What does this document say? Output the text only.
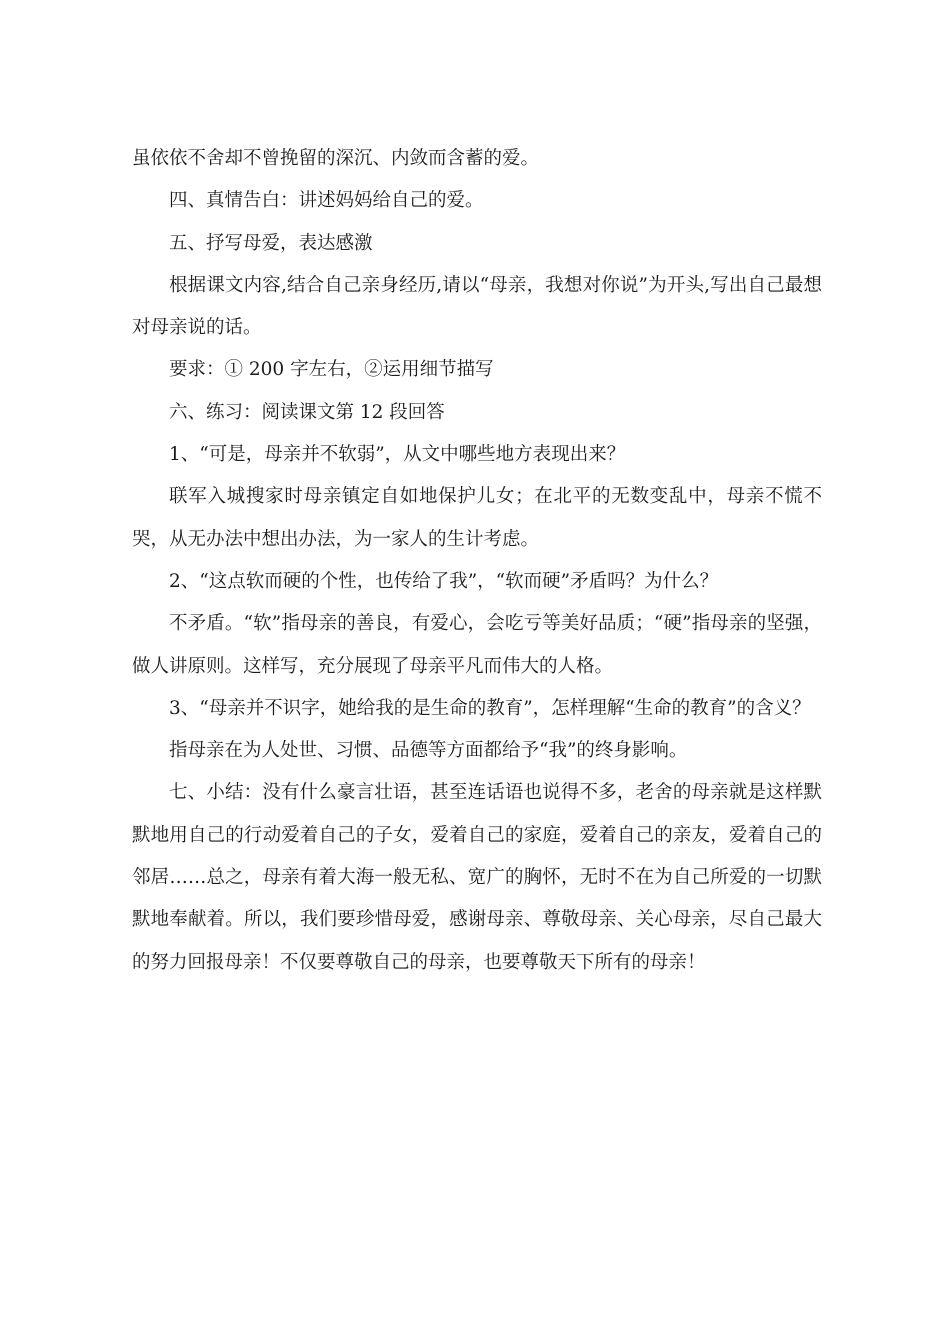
虽依依不舍却不曾挽留的深沉、内敛而含蓄的爱。

四、真情告白：讲述妈妈给自己的爱。

五、抒写母爱，表达感激

根据课文内容,结合自己亲身经历,请以“母亲，我想对你说”为开头,写出自己最想对母亲说的话。

要求：① 200 字左右，②运用细节描写

六、练习：阅读课文第 12 段回答

1、“可是，母亲并不软弱”，从文中哪些地方表现出来？

联军入城搜家时母亲镇定自如地保护儿女；在北平的无数变乱中，母亲不慌不哭，从无办法中想出办法，为一家人的生计考虑。

2、“这点软而硬的个性，也传给了我”，“软而硬”矛盾吗？为什么？

不矛盾。“软”指母亲的善良，有爱心，会吃亏等美好品质；“硬”指母亲的坚强，做人讲原则。这样写，充分展现了母亲平凡而伟大的人格。

3、“母亲并不识字，她给我的是生命的教育”，怎样理解“生命的教育”的含义？

指母亲在为人处世、习惯、品德等方面都给予“我”的终身影响。

七、小结：没有什么豪言壮语，甚至连话语也说得不多，老舍的母亲就是这样默默地用自己的行动爱着自己的子女，爱着自己的家庭，爱着自己的亲友，爱着自己的邻居……总之，母亲有着大海一般无私、宽广的胸怀，无时不在为自己所爱的一切默默地奉献着。所以，我们要珍惜母爱，感谢母亲、尊敬母亲、关心母亲，尽自己最大的努力回报母亲！不仅要尊敬自己的母亲，也要尊敬天下所有的母亲！
